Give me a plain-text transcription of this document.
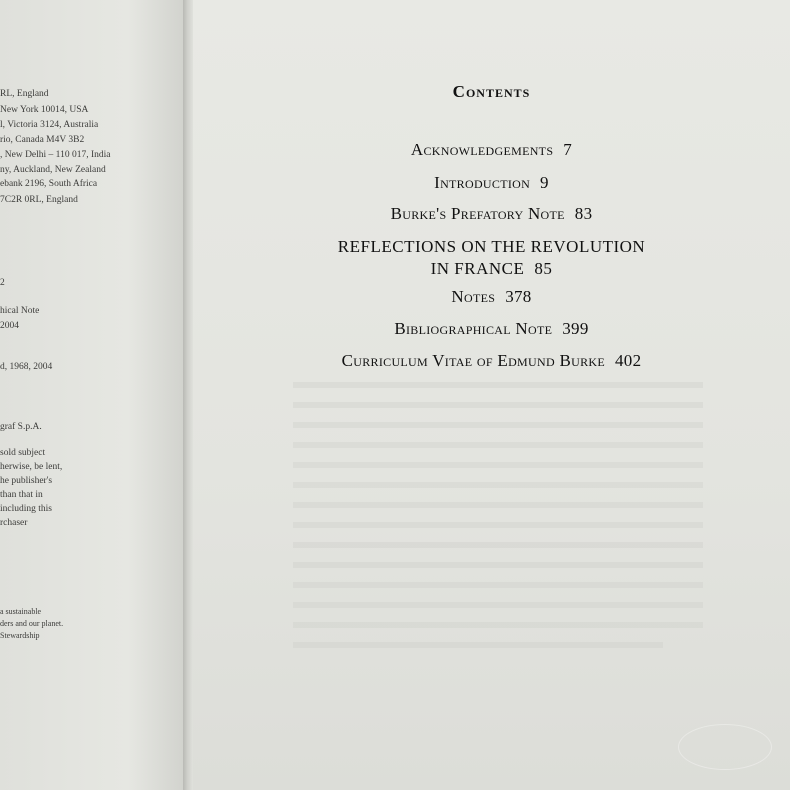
RL, England
New York 10014, USA
l, Victoria 3124, Australia
rio, Canada M4V 3B2
, New Delhi – 110 017, India
ny, Auckland, New Zealand
ebank 2196, South Africa
7C2R 0RL, England
2
hical Note
2004
d, 1968, 2004
graf S.p.A.
sold subject
herwise, be lent,
he publisher's
than that in
including this
rchaser
a sustainable
ders and our planet.
Stewardship
Contents
Acknowledgements 7
Introduction 9
Burke's Prefatory Note 83
REFLECTIONS ON THE REVOLUTION
IN FRANCE 85
Notes 378
Bibliographical Note 399
Curriculum Vitae of Edmund Burke 402
